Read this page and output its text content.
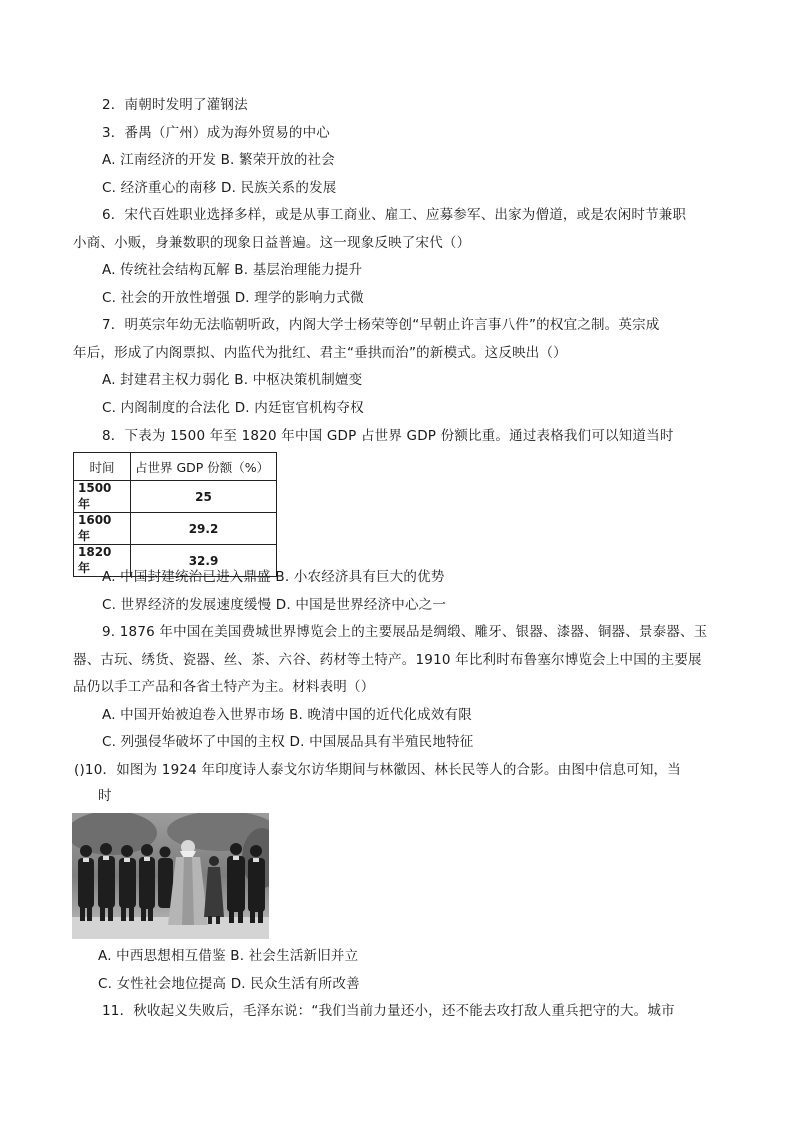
2．南朝时发明了灌钢法
3．番禺（广州）成为海外贸易的中心
A. 江南经济的开发 B. 繁荣开放的社会
C. 经济重心的南移 D. 民族关系的发展
6．宋代百姓职业选择多样，或是从事工商业、雇工、应募参军、出家为僧道，或是农闲时节兼职
小商、小贩，身兼数职的现象日益普遍。这一现象反映了宋代（）
A. 传统社会结构瓦解 B. 基层治理能力提升
C. 社会的开放性增强 D. 理学的影响力式微
7．明英宗年幼无法临朝听政，内阁大学士杨荣等创“早朝止许言事八件”的权宜之制。英宗成
年后，形成了内阁票拟、内监代为批红、君主“垂拱而治”的新模式。这反映出（）
A. 封建君主权力弱化 B. 中枢决策机制嬗变
C. 内阁制度的合法化 D. 内廷宦官机构夺权
8．下表为 1500 年至 1820 年中国 GDP 占世界 GDP 份额比重。通过表格我们可以知道当时
时间	占世界 GDP 份额（%）
1500 年	25
1600 年	29.2
1820 年	32.9
A. 中国封建统治已进入鼎盛 B. 小农经济具有巨大的优势
C. 世界经济的发展速度缓慢 D. 中国是世界经济中心之一
9. 1876 年中国在美国费城世界博览会上的主要展品是绸缎、雕牙、银器、漆器、铜器、景泰器、玉
器、古玩、绣货、瓷器、丝、茶、六谷、药材等土特产。1910 年比利时布鲁塞尔博览会上中国的主要展
品仍以手工产品和各省土特产为主。材料表明（）
A. 中国开始被迫卷入世界市场 B. 晚清中国的近代化成效有限
C. 列强侵华破坏了中国的主权 D. 中国展品具有半殖民地特征
()10．如图为 1924 年印度诗人泰戈尔访华期间与林徽因、林长民等人的合影。由图中信息可知，当
时
A. 中西思想相互借鉴 B. 社会生活新旧并立
C. 女性社会地位提高 D. 民众生活有所改善
11．秋收起义失败后，毛泽东说：“我们当前力量还小，还不能去攻打敌人重兵把守的大。城市
